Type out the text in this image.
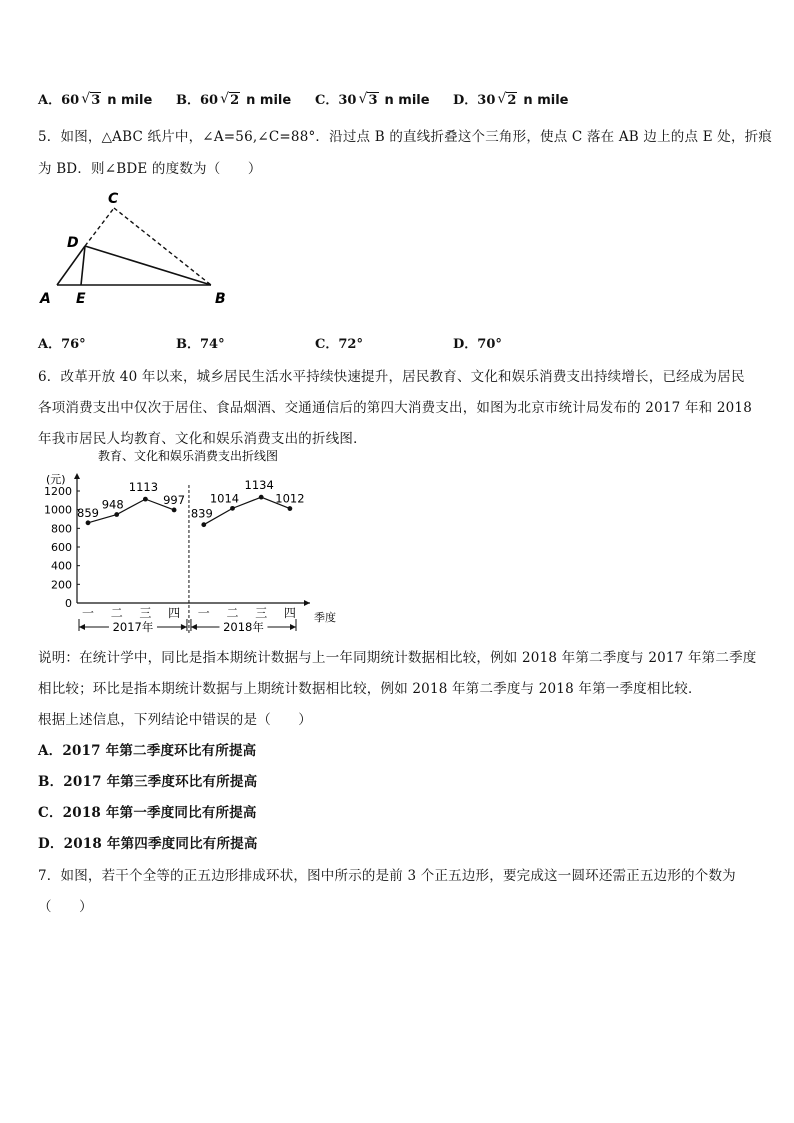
A．60 √ 3 n mile B．60 √ 2 n mile C．30 √ 3 n mile D．30 √ 2 n mile
5．如图，△ABC 纸片中，∠A=56,∠C=88°．沿过点 B 的直线折叠这个三角形，使点 C 落在 AB 边上的点 E 处，折痕
为 BD．则∠BDE 的度数为（　　）
C
D
A E	B
A．76°	B．74°	C．72°	D．70°
6．改革开放 40 年以来，城乡居民生活水平持续快速提升，居民教育、文化和娱乐消费支出持续增长，已经成为居民
各项消费支出中仅次于居住、食品烟酒、交通通信后的第四大消费支出，如图为北京市统计局发布的 2017 年和 2018
年我市居民人均教育、文化和娱乐消费支出的折线图．
教育、文化和娱乐消费支出折线图
(元)
季度
0
200
400
600
800
1000
1200
859
948
1113
997
839
1014
1134
1012
一 二 三 四 一 二 三 四
2017年	2018年
说明：在统计学中，同比是指本期统计数据与上一年同期统计数据相比较，例如 2018 年第二季度与 2017 年第二季度
相比较；环比是指本期统计数据与上期统计数据相比较，例如 2018 年第二季度与 2018 年第一季度相比较．
根据上述信息，下列结论中错误的是（　　）
A．2017 年第二季度环比有所提高
B．2017 年第三季度环比有所提高
C．2018 年第一季度同比有所提高
D．2018 年第四季度同比有所提高
7．如图，若干个全等的正五边形排成环状，图中所示的是前 3 个正五边形，要完成这一圆环还需正五边形的个数为
（　　）
